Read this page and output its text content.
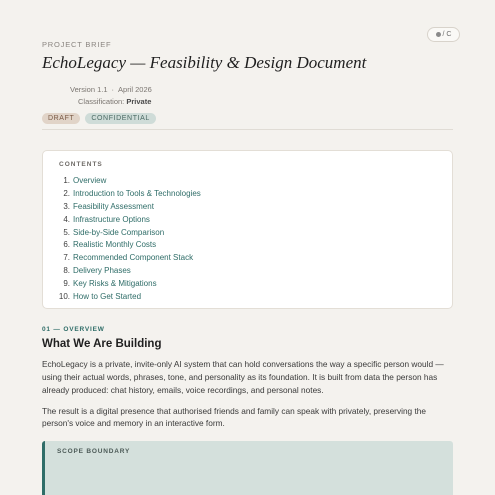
/ C
PROJECT BRIEF
EchoLegacy — Feasibility & Design Document
Version 1.1 · April 2026
Classification: Private
DRAFT	CONFIDENTIAL
CONTENTS
1. Overview
2. Introduction to Tools & Technologies
3. Feasibility Assessment
4. Infrastructure Options
5. Side-by-Side Comparison
6. Realistic Monthly Costs
7. Recommended Component Stack
8. Delivery Phases
9. Key Risks & Mitigations
10. How to Get Started
01 — OVERVIEW
What We Are Building

EchoLegacy is a private, invite-only AI system that can hold conversations the way a specific person would — using their actual words, phrases, tone, and personality as its foundation. It is built from data the person has already produced: chat history, emails, voice recordings, and personal notes.

The result is a digital presence that authorised friends and family can speak with privately, preserving the person's voice and memory in an interactive form.

SCOPE BOUNDARY
